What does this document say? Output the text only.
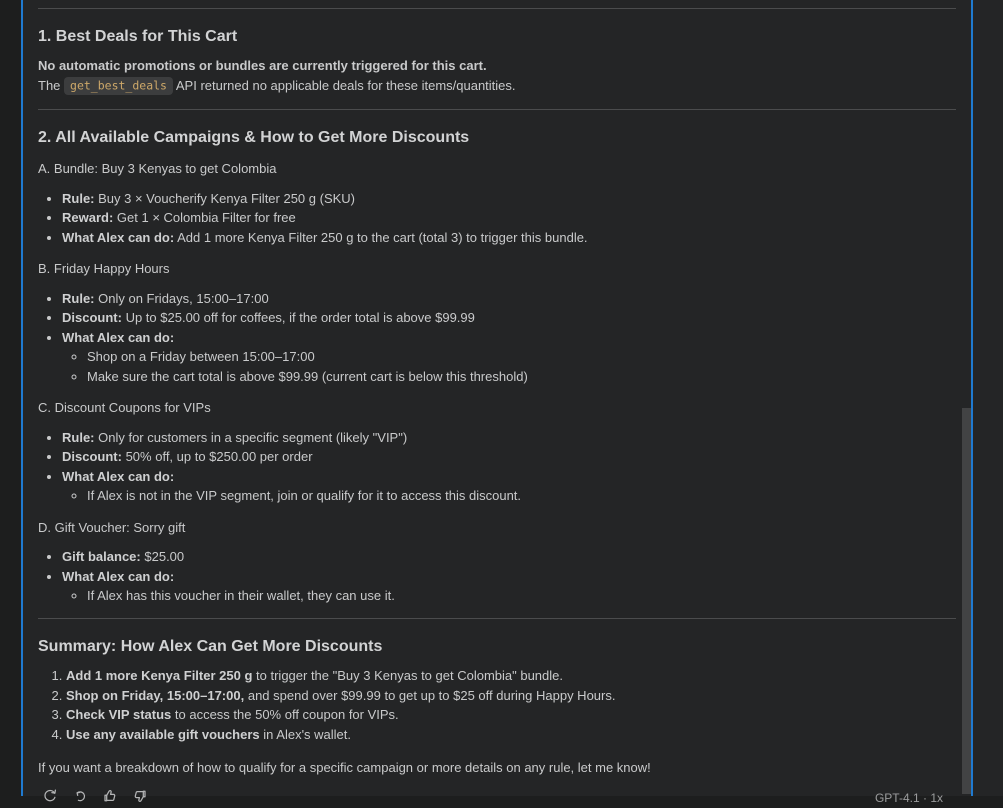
1. Best Deals for This Cart

No automatic promotions or bundles are currently triggered for this cart.

The get_best_deals API returned no applicable deals for these items/quantities.

2. All Available Campaigns & How to Get More Discounts

A. Bundle: Buy 3 Kenyas to get Colombia

• Rule: Buy 3 × Voucherify Kenya Filter 250 g (SKU)
• Reward: Get 1 × Colombia Filter for free
• What Alex can do: Add 1 more Kenya Filter 250 g to the cart (total 3) to trigger this bundle.

B. Friday Happy Hours

• Rule: Only on Fridays, 15:00–17:00
• Discount: Up to $25.00 off for coffees, if the order total is above $99.99
• What Alex can do:
◦ Shop on a Friday between 15:00–17:00
◦ Make sure the cart total is above $99.99 (current cart is below this threshold)

C. Discount Coupons for VIPs

• Rule: Only for customers in a specific segment (likely "VIP")
• Discount: 50% off, up to $250.00 per order
• What Alex can do:
◦ If Alex is not in the VIP segment, join or qualify for it to access this discount.

D. Gift Voucher: Sorry gift

• Gift balance: $25.00
• What Alex can do:
◦ If Alex has this voucher in their wallet, they can use it.
Summary: How Alex Can Get More Discounts
1. Add 1 more Kenya Filter 250 g to trigger the "Buy 3 Kenyas to get Colombia" bundle.
2. Shop on Friday, 15:00–17:00, and spend over $99.99 to get up to $25 off during Happy Hours.
3. Check VIP status to access the 50% off coupon for VIPs.
4. Use any available gift vouchers in Alex's wallet.

If you want a breakdown of how to qualify for a specific campaign or more details on any rule, let me know!

GPT-4.1 · 1x
